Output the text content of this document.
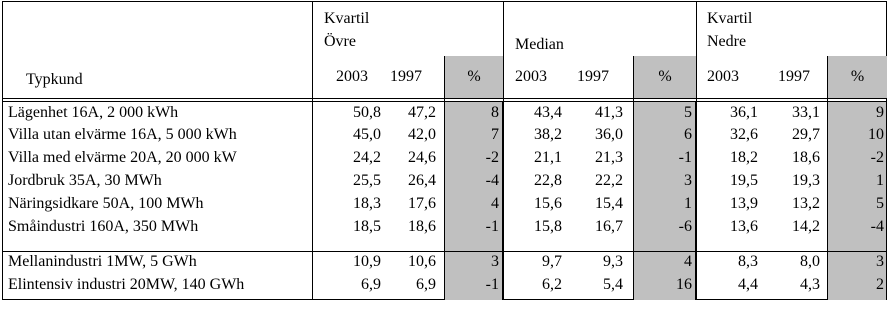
Kvartil
Övre	Median
Kvartil
Nedre
Typkund	2003 1997	%	2003 1997	%	2003 1997	%
Lägenhet 16A, 2 000 kWh	50,8	47,2	8	43,4	41,3	5	36,1	33,1	9
Villa utan elvärme 16A, 5 000 kWh	45,0	42,0	7	38,2	36,0	6	32,6	29,7	10
Villa med elvärme 20A, 20 000 kW	24,2	24,6	-2	21,1	21,3	-1	18,2	18,6	-2
Jordbruk 35A, 30 MWh	25,5	26,4	-4	22,8	22,2	3	19,5	19,3	1
Näringsidkare 50A, 100 MWh	18,3	17,6	4	15,6	15,4	1	13,9	13,2	5
Småindustri 160A, 350 MWh	18,5	18,6	-1	15,8	16,7	-6	13,6	14,2	-4
Mellanindustri 1MW, 5 GWh	10,9	10,6	3	9,7	9,3	4	8,3	8,0	3
Elintensiv industri 20MW, 140 GWh	6,9	6,9	-1	6,2	5,4	16	4,4	4,3	2
